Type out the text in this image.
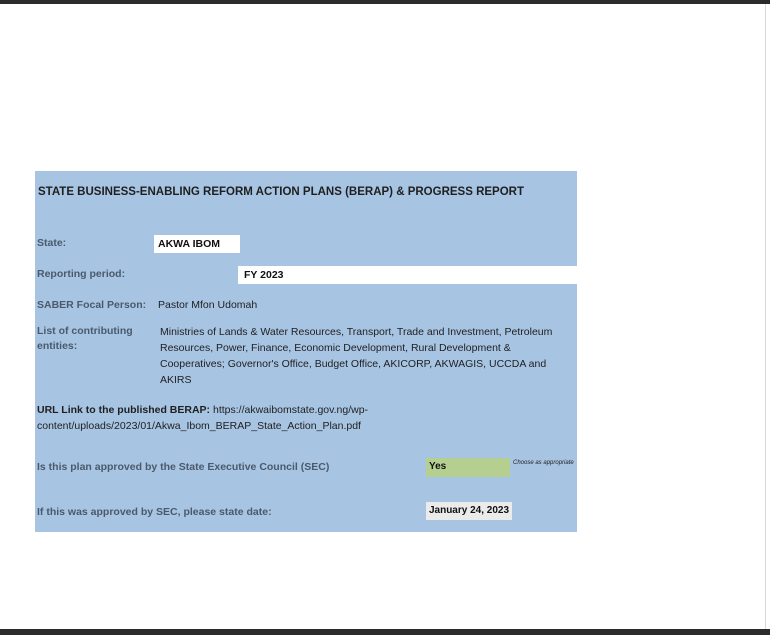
STATE BUSINESS-ENABLING REFORM ACTION PLANS (BERAP) & PROGRESS REPORT
State:	AKWA IBOM
Reporting period:	FY 2023
SABER Focal Person: Pastor Mfon Udomah
List of contributing entities:
Ministries of Lands & Water Resources, Transport, Trade and Investment, Petroleum Resources, Power, Finance, Economic Development, Rural Development & Cooperatives; Governor's Office, Budget Office, AKICORP, AKWAGIS, UCCDA and AKIRS
URL Link to the published BERAP: https://akwaibomstate.gov.ng/wp-content/uploads/2023/01/Akwa_Ibom_BERAP_State_Action_Plan.pdf
Is this plan approved by the State Executive Council (SEC)	Yes	Choose as appropriate
If this was approved by SEC, please state date:	January 24, 2023
